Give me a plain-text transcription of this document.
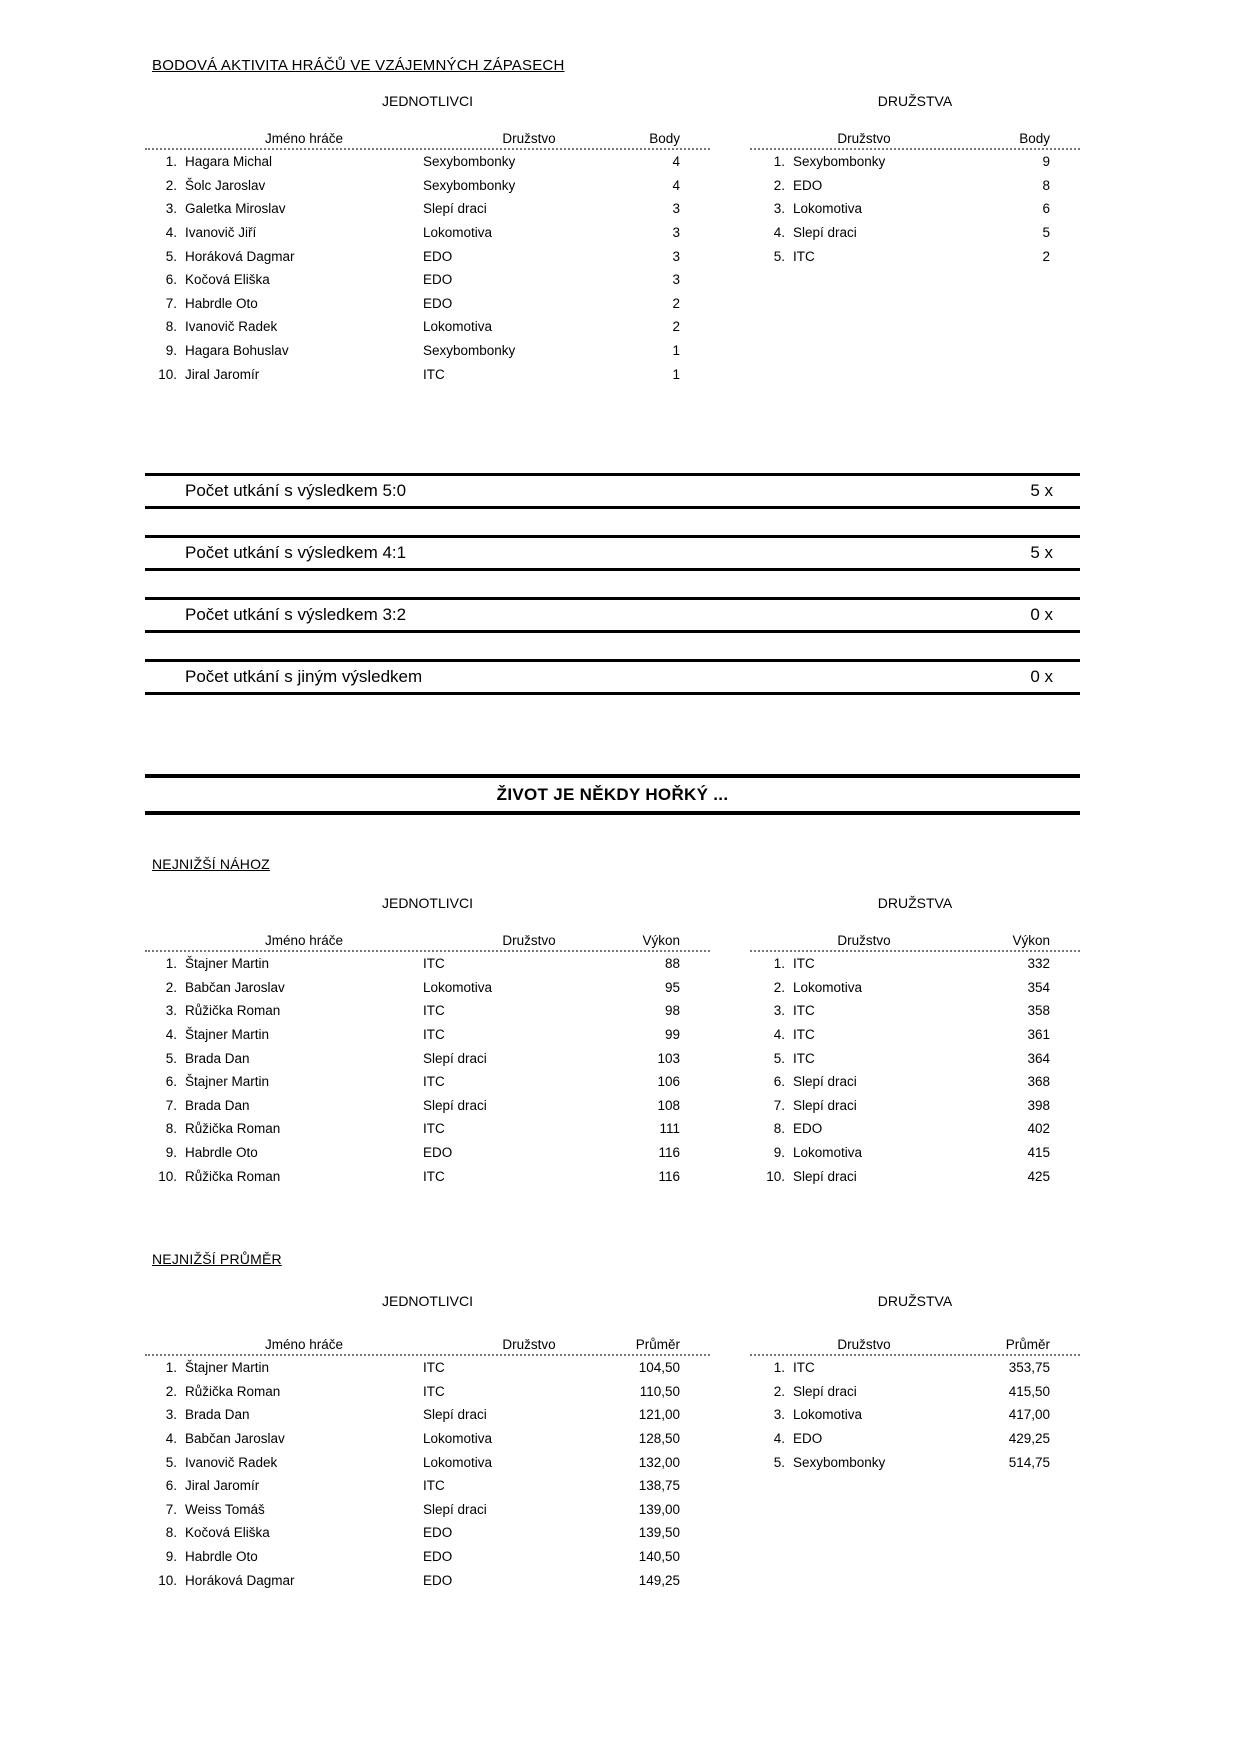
BODOVÁ AKTIVITA HRÁČŮ VE VZÁJEMNÝCH ZÁPASECH
JEDNOTLIVCI
Jméno hráče	Družstvo	Body
1. Hagara Michal	Sexybombonky	4
2. Šolc Jaroslav	Sexybombonky	4
3. Galetka Miroslav	Slepí draci	3
4. Ivanovič Jiří	Lokomotiva	3
5. Horáková Dagmar	EDO	3
6. Kočová Eliška	EDO	3
7. Habrdle Oto	EDO	2
8. Ivanovič Radek	Lokomotiva	2
9. Hagara Bohuslav	Sexybombonky	1
10. Jiral Jaromír	ITC	1
DRUŽSTVA
Družstvo	Body
1. Sexybombonky	9
2. EDO	8
3. Lokomotiva	6
4. Slepí draci	5
5. ITC	2
Počet utkání s výsledkem 5:0	5 x
Počet utkání s výsledkem 4:1	5 x
Počet utkání s výsledkem 3:2	0 x
Počet utkání s jiným výsledkem	0 x
ŽIVOT JE NĚKDY HOŘKÝ ...
NEJNIŽŠÍ NÁHOZ
JEDNOTLIVCI
Jméno hráče	Družstvo	Výkon
1. Štajner Martin	ITC	88
2. Babčan Jaroslav	Lokomotiva	95
3. Růžička Roman	ITC	98
4. Štajner Martin	ITC	99
5. Brada Dan	Slepí draci	103
6. Štajner Martin	ITC	106
7. Brada Dan	Slepí draci	108
8. Růžička Roman	ITC	111
9. Habrdle Oto	EDO	116
10. Růžička Roman	ITC	116
DRUŽSTVA
Družstvo	Výkon
1. ITC	332
2. Lokomotiva	354
3. ITC	358
4. ITC	361
5. ITC	364
6. Slepí draci	368
7. Slepí draci	398
8. EDO	402
9. Lokomotiva	415
10. Slepí draci	425
NEJNIŽŠÍ PRŮMĚR
JEDNOTLIVCI
Jméno hráče	Družstvo	Průměr
1. Štajner Martin	ITC	104,50
2. Růžička Roman	ITC	110,50
3. Brada Dan	Slepí draci	121,00
4. Babčan Jaroslav	Lokomotiva	128,50
5. Ivanovič Radek	Lokomotiva	132,00
6. Jiral Jaromír	ITC	138,75
7. Weiss Tomáš	Slepí draci	139,00
8. Kočová Eliška	EDO	139,50
9. Habrdle Oto	EDO	140,50
10. Horáková Dagmar	EDO	149,25
DRUŽSTVA
Družstvo	Průměr
1. ITC	353,75
2. Slepí draci	415,50
3. Lokomotiva	417,00
4. EDO	429,25
5. Sexybombonky	514,75
